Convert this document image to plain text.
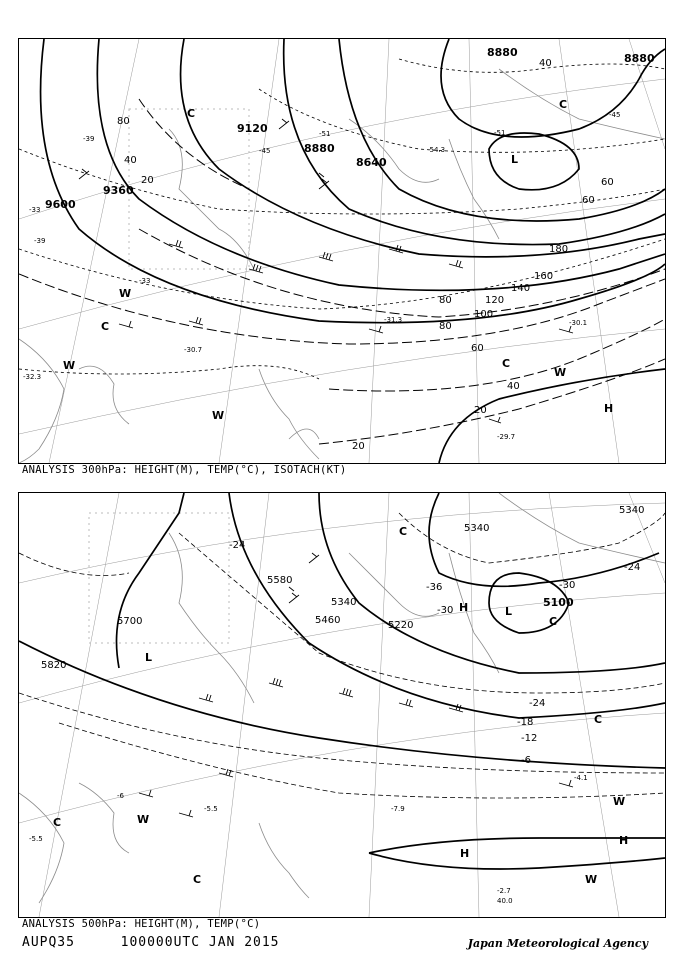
9600
9360
9120
8880
8640
8880	8880
80
40
20
40
60
80
100
120
140
160
180
20
40
60
80
20
60
-39
-45
-51
-54.3
-51
-45
-33
-39
-33
-31.3
-30.7
-32.3
-29.7
-30.1
W
W
W
C
C
C
L
H
C
W
ANALYSIS 300hPa: HEIGHT(M), TEMP(°C), ISOTACH(KT)
5820
5700
5580
5340
5460	5220
5340
5340
5100
-24
-24
-30
-36
-30
-24
-18
-12
-6
-6
-5.5
-5.5
-4.1
-7.9
-2.7
40.0
L
L
C
C
C
C
C
W
W
W
H
H
H
ANALYSIS 500hPa: HEIGHT(M), TEMP(°C)
AUPQ35	100000UTC JAN 2015	Japan Meteorological Agency
